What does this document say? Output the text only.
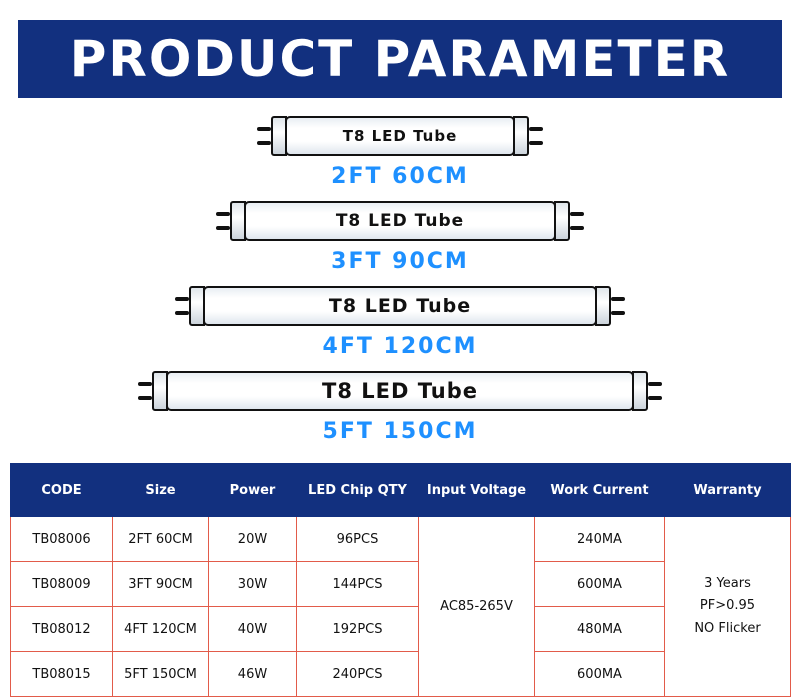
PRODUCT PARAMETER
T8 LED Tube
2FT 60CM
T8 LED Tube
3FT 90CM
T8 LED Tube
4FT 120CM
T8 LED Tube
5FT 150CM
CODE	Size	Power	LED Chip QTY	Input Voltage	Work Current	Warranty
TB08006	2FT 60CM	20W	96PCS	AC85-265V	240MA	3 Years
PF>0.95
NO Flicker

TB08009	3FT 90CM	30W	144PCS		600MA	
TB08012	4FT 120CM	40W	192PCS		480MA	
TB08015	5FT 150CM	46W	240PCS		600MA	
